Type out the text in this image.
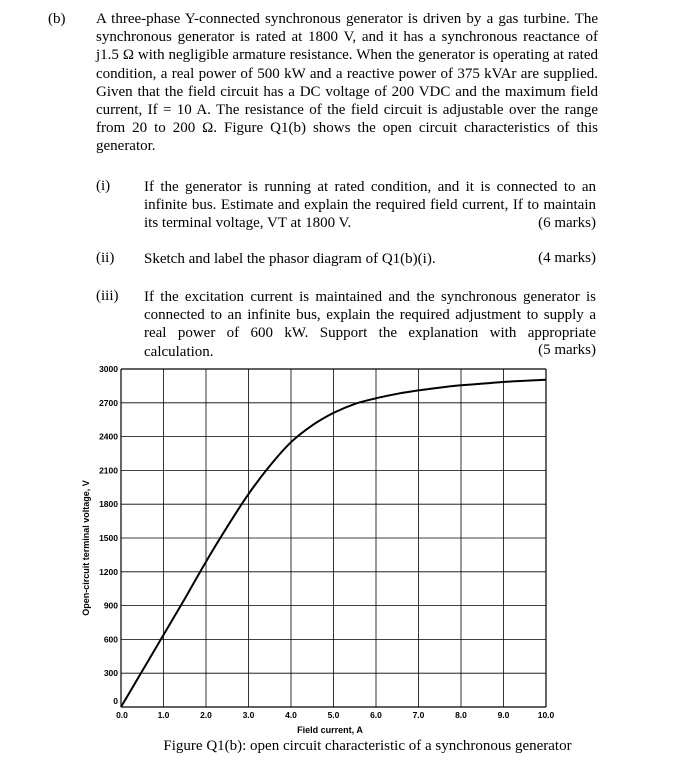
(b) A three-phase Y-connected synchronous generator is driven by a gas turbine. The synchronous generator is rated at 1800 V, and it has a synchronous reactance of j1.5 Ω with negligible armature resistance. When the generator is operating at rated condition, a real power of 500 kW and a reactive power of 375 kVAr are supplied. Given that the field circuit has a DC voltage of 200 VDC and the maximum field current, If = 10 A. The resistance of the field circuit is adjustable over the range from 20 to 200 Ω. Figure Q1(b) shows the open circuit characteristics of this generator.
(i) If the generator is running at rated condition, and it is connected to an infinite bus. Estimate and explain the required field current, If to maintain its terminal voltage, VT at 1800 V.	(6 marks)
(ii) Sketch and label the phasor diagram of Q1(b)(i).	(4 marks)
(iii) If the excitation current is maintained and the synchronous generator is connected to an infinite bus, explain the required adjustment to supply a real power of 600 kW. Support the explanation with appropriate calculation.	(5 marks)
0.0	1.0	2.0	3.0	4.0	5.0	6.0	7.0	8.0	9.0	10.0
0
300
600
900
1200
1500
1800
2100
2400
2700
3000
Field current, A
Open-circuit terminal voltage, V
Figure Q1(b): open circuit characteristic of a synchronous generator
